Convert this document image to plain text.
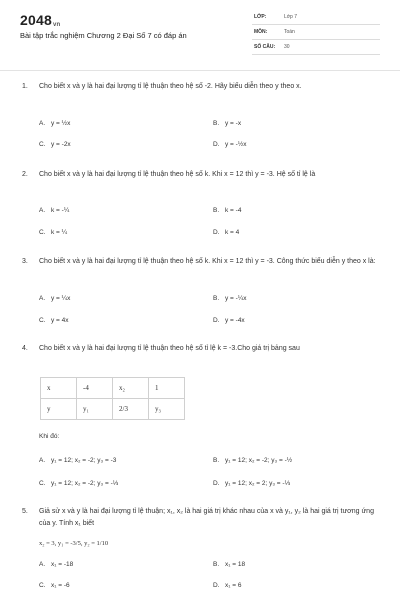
2048vn
Bài tập trắc nghiệm Chương 2 Đại Số 7 có đáp án
LỚP:	Lớp 7
MÔN:	Toán
SỐ CÂU: 30
1. Cho biết x và y là hai đại lượng tỉ lệ thuận theo hệ số -2. Hãy biểu diễn theo y theo x.
A. y = ½x	B. y = -x
C. y = -2x	D. y = -½x
2. Cho biết x và y là hai đại lượng tỉ lệ thuận theo hệ số k. Khi x = 12 thì y = -3. Hệ số tỉ lệ là
A. k = -¼	B. k = -4
C. k = ¼	D. k = 4
3. Cho biết x và y là hai đại lượng tỉ lệ thuận theo hệ số k. Khi x = 12 thì y = -3. Công thức biểu diễn y theo x là:
A. y = ¼x	B. y = -¼x
C. y = 4x	D. y = -4x
4. Cho biết x và y là hai đại lượng tỉ lệ thuận theo hệ số tỉ lệ k = -3.Cho giá trị bảng sau
x	-4	x₂	1
y	y₁	2/3	y₃
Khi đó:
A. y₁ = 12; x₂ = -2; y₃ = -3	B. y₁ = 12; x₂ = -2; y₃ = -½
C. y₁ = 12; x₂ = -2; y₃ = -⅓	D. y₁ = 12; x₂ = 2; y₃ = -⅓
5. Giả sử x và y là hai đại lượng tỉ lệ thuận; x₁, x₂ là hai giá trị khác nhau của x và y₁, y₂ là hai giá trị tương ứng của y. Tính x₁ biết
x₂ = 3, y₁ = -3/5, y₂ = 1/10
A. x₁ = -18	B. x₁ = 18
C. x₁ = -6	D. x₁ = 6
